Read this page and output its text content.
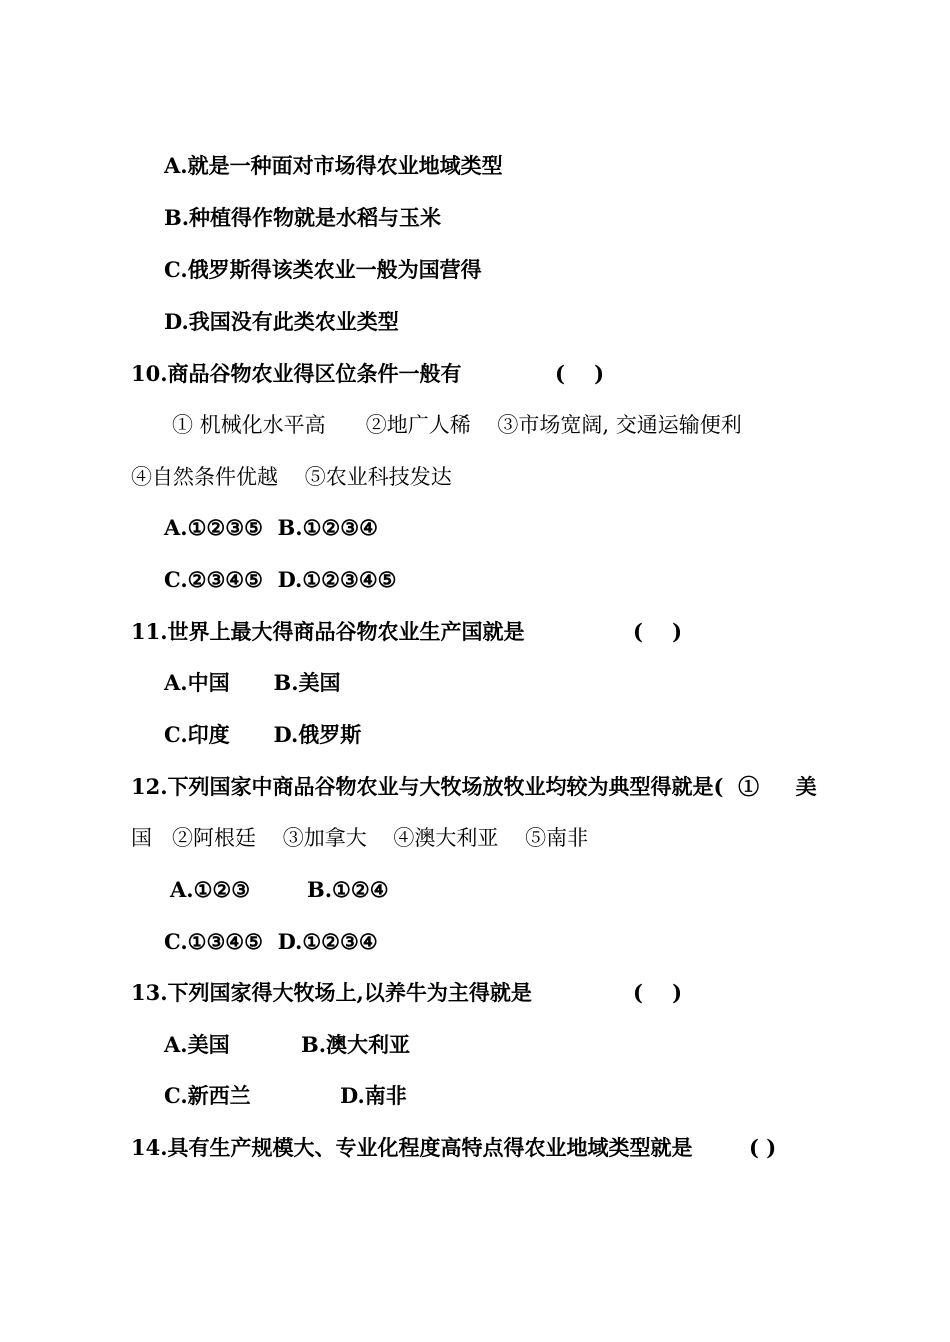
A.就是一种面对市场得农业地域类型
B.种植得作物就是水稻与玉米
C.俄罗斯得该类农业一般为国营得
D.我国没有此类农业类型
10.商品谷物农业得区位条件一般有	(    )
① 机械化水平高      ②地广人稀    ③市场宽阔, 交通运输便利
④自然条件优越    ⑤农业科技发达
A.①②③⑤  B.①②③④
C.②③④⑤  D.①②③④⑤
11.世界上最大得商品谷物农业生产国就是	(    )
A.中国      B.美国
C.印度      D.俄罗斯
12.下列国家中商品谷物农业与大牧场放牧业均较为典型得就是(  ①     美
国   ②阿根廷    ③加拿大    ④澳大利亚    ⑤南非
A.①②③	B.①②④
C.①③④⑤  D.①②③④
13.下列国家得大牧场上,以养牛为主得就是	(    )
A.美国	B.澳大利亚
C.新西兰	D.南非
14.具有生产规模大、专业化程度高特点得农业地域类型就是	( )
